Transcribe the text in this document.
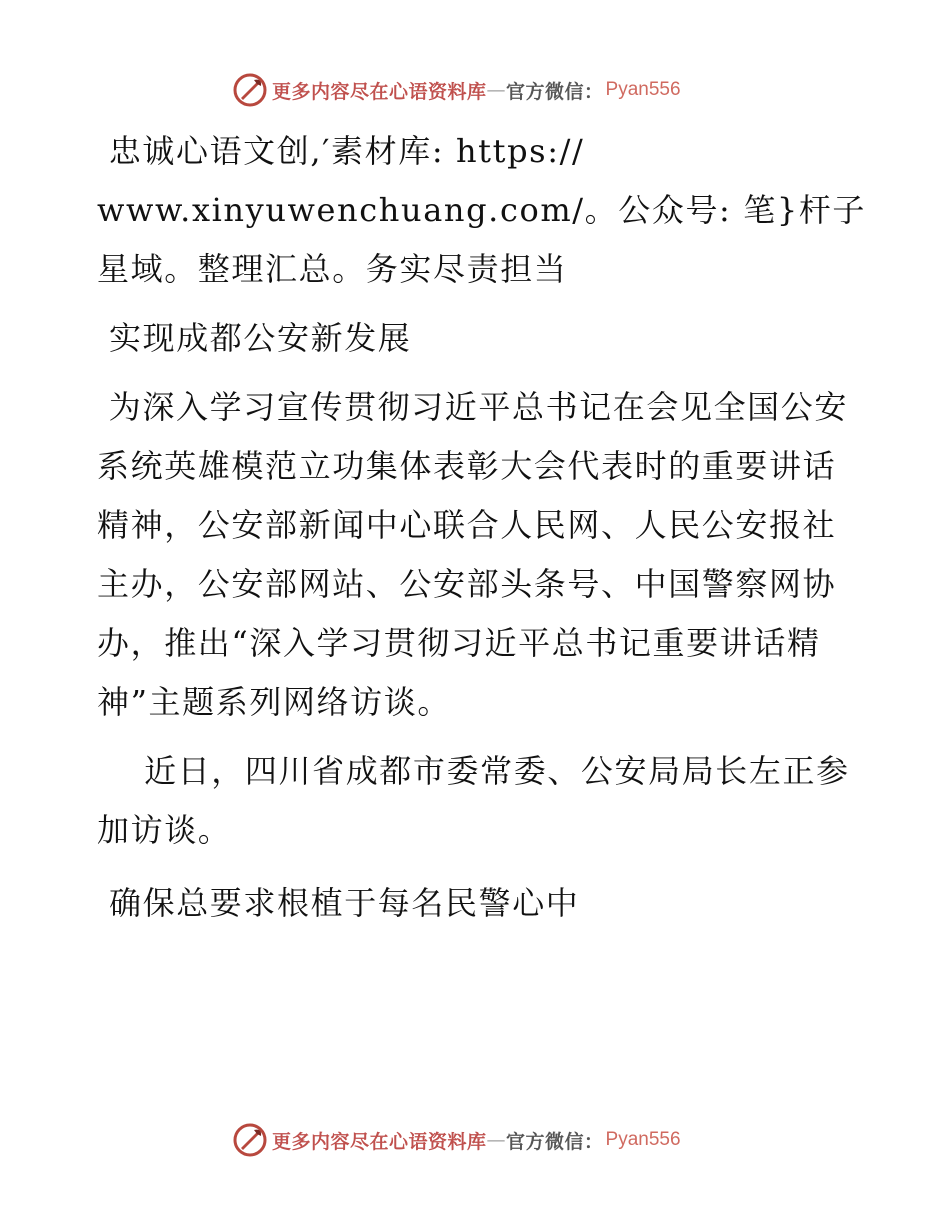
更多内容尽在心语资料库 — 官方微信： Pyan556

忠诚心语文创,′素材库: https://
www.xinyuwenchuang.com/。公众号: 笔}杆子星域。整理汇总。务实尽责担当

实现成都公安新发展

为深入学习宣传贯彻习近平总书记在会见全国公安系统英雄模范立功集体表彰大会代表时的重要讲话精神，公安部新闻中心联合人民网、人民公安报社主办，公安部网站、公安部头条号、中国警察网协办，推出“深入学习贯彻习近平总书记重要讲话精神”主题系列网络访谈。

近日，四川省成都市委常委、公安局局长左正参加访谈。

确保总要求根植于每名民警心中

更多内容尽在心语资料库 — 官方微信： Pyan556
